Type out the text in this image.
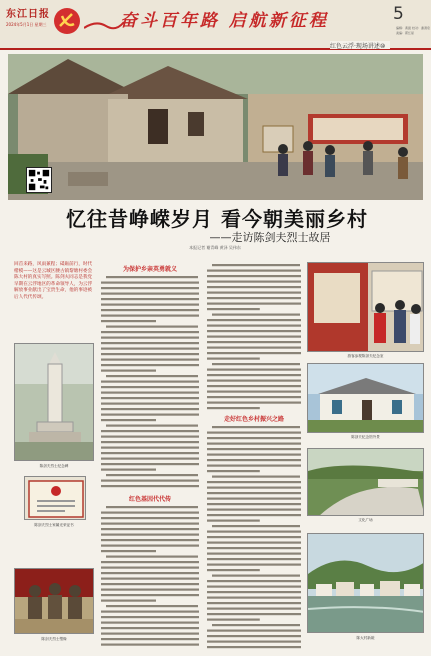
东江日报
2024年5月1日 星期三	奋斗百年路 启航新征程	5
编辑：黄振 校对：谢清泉 美编：郭红星
红色云浮·现场讲述⑩
忆往昔峥嵘岁月 看今朝美丽乡村
——走访陈剑夫烈士故居
本报记者 谢青峰 黄泽 吴伟东
回首来路，风雨兼程；砥砺前行，时代楷模——这是云城区腰古镇黎塘村委会陈大村的真实写照。陈剑夫同志是我党早期在云浮地区的革命领导人，为云浮解放事业献出了宝贵生命，他的事迹被后人代代传颂。
陈剑夫烈士纪念碑
陈剑夫烈士家属光荣证书
陈剑夫烈士塑像
为保护乡亲英勇就义
红色基因代代传
走好红色乡村振兴之路
游客参观陈剑夫纪念室
陈剑夫纪念馆外景
文化广场
陈大村新貌
